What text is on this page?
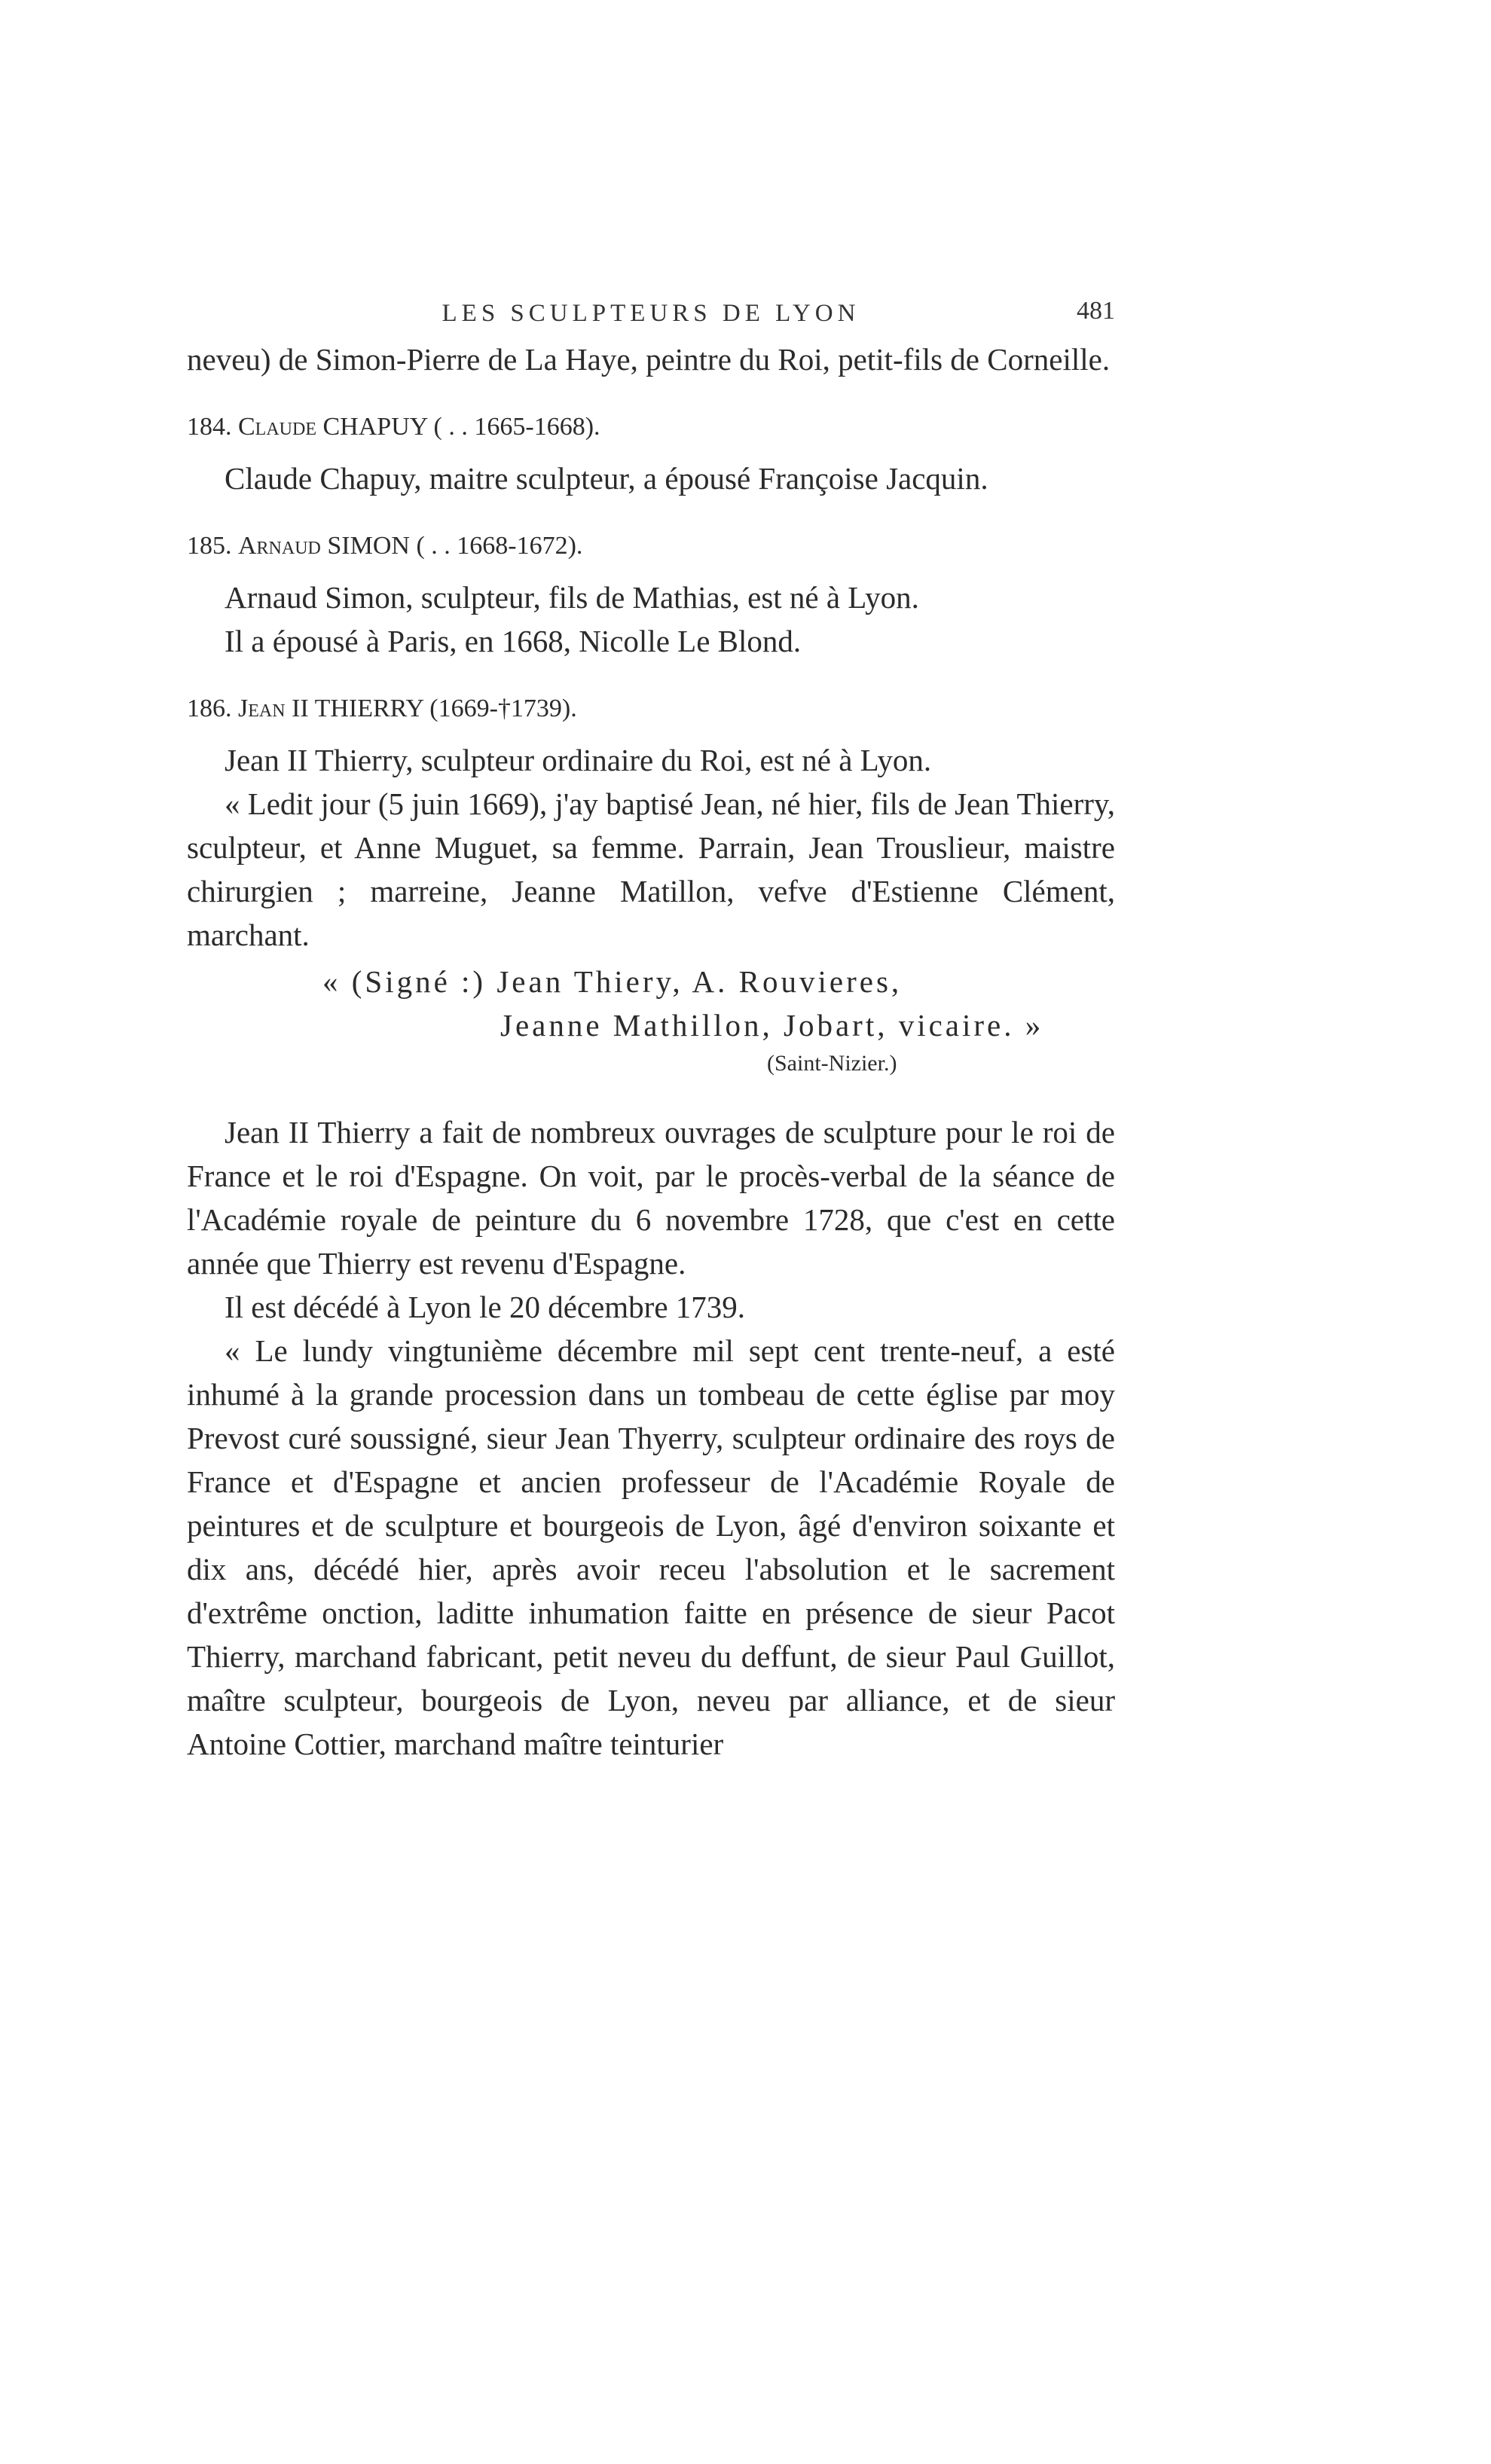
LES SCULPTEURS DE LYON	481

neveu) de Simon-Pierre de La Haye, peintre du Roi, petit-fils de Corneille.

184. Claude CHAPUY ( . . 1665-1668).

Claude Chapuy, maitre sculpteur, a épousé Françoise Jacquin.

185. Arnaud SIMON ( . . 1668-1672).

Arnaud Simon, sculpteur, fils de Mathias, est né à Lyon.

Il a épousé à Paris, en 1668, Nicolle Le Blond.

186. Jean II THIERRY (1669-†1739).

Jean II Thierry, sculpteur ordinaire du Roi, est né à Lyon.

« Ledit jour (5 juin 1669), j'ay baptisé Jean, né hier, fils de Jean Thierry, sculpteur, et Anne Muguet, sa femme. Parrain, Jean Trouslieur, maistre chirurgien ; marreine, Jeanne Matillon, vefve d'Estienne Clément, marchant.

« (Signé :) Jean Thiery, A. Rouvieres,
Jeanne Mathillon, Jobart, vicaire. »
(Saint-Nizier.)

Jean II Thierry a fait de nombreux ouvrages de sculpture pour le roi de France et le roi d'Espagne. On voit, par le procès-verbal de la séance de l'Académie royale de peinture du 6 novembre 1728, que c'est en cette année que Thierry est revenu d'Espagne.

Il est décédé à Lyon le 20 décembre 1739.

« Le lundy vingtunième décembre mil sept cent trente-neuf, a esté inhumé à la grande procession dans un tombeau de cette église par moy Prevost curé soussigné, sieur Jean Thyerry, sculpteur ordinaire des roys de France et d'Espagne et ancien professeur de l'Académie Royale de peintures et de sculpture et bourgeois de Lyon, âgé d'environ soixante et dix ans, décédé hier, après avoir receu l'absolution et le sacrement d'extrême onction, laditte inhumation faitte en présence de sieur Pacot Thierry, marchand fabricant, petit neveu du deffunt, de sieur Paul Guillot, maître sculpteur, bourgeois de Lyon, neveu par alliance, et de sieur Antoine Cottier, marchand maître teinturier
